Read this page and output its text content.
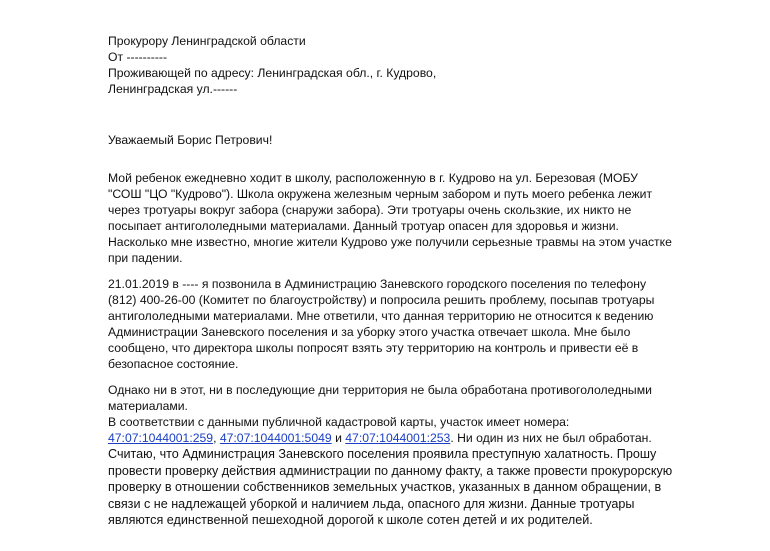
Прокурору Ленинградской области
От ----------
Проживающей по адресу: Ленинградская обл., г. Кудрово,
Ленинградская ул.------
Уважаемый Борис Петрович!
Мой ребенок ежедневно ходит в школу, расположенную в г. Кудрово на ул. Березовая (МОБУ
"СОШ "ЦО "Кудрово"). Школа окружена железным черным забором и путь моего ребенка лежит
через тротуары вокруг забора (снаружи забора). Эти тротуары очень скользкие, их никто не
посыпает антигололедными материалами. Данный тротуар опасен для здоровья и жизни.
Насколько мне известно, многие жители Кудрово уже получили серьезные травмы на этом участке
при падении.
21.01.2019 в ---- я позвонила в Администрацию Заневского городского поселения по телефону
(812) 400-26-00 (Комитет по благоустройству) и попросила решить проблему, посыпав тротуары
антигололедными материалами. Мне ответили, что данная территорию не относится к ведению
Администрации Заневского поселения и за уборку этого участка отвечает школа. Мне было
сообщено, что директора школы попросят взять эту территорию на контроль и привести её в
безопасное состояние.
Однако ни в этот, ни в последующие дни территория не была обработана противогололедными
материалами.
В соответствии с данными публичной кадастровой карты, участок имеет номера:
47:07:1044001:259, 47:07:1044001:5049 и 47:07:1044001:253. Ни один из них не был обработан.
Считаю, что Администрация Заневского поселения проявила преступную халатность. Прошу
провести проверку действия администрации по данному факту, а также провести прокурорскую
проверку в отношении собственников земельных участков, указанных в данном обращении, в
связи с не надлежащей уборкой и наличием льда, опасного для жизни. Данные тротуары
являются единственной пешеходной дорогой к школе сотен детей и их родителей.
